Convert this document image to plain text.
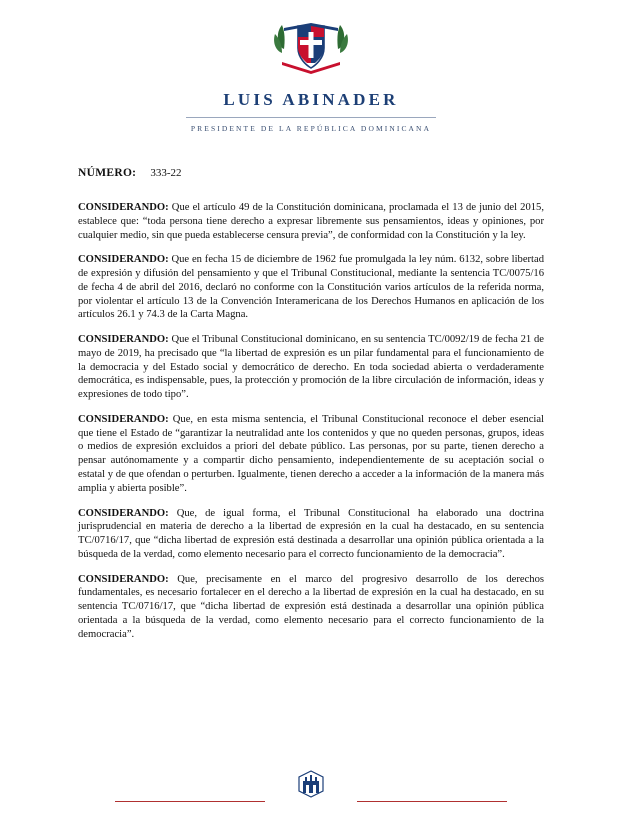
LUIS ABINADER
PRESIDENTE DE LA REPÚBLICA DOMINICANA
NÚMERO: 333-22

CONSIDERANDO: Que el artículo 49 de la Constitución dominicana, proclamada el 13 de junio del 2015, establece que: “toda persona tiene derecho a expresar libremente sus pensamientos, ideas y opiniones, por cualquier medio, sin que pueda establecerse censura previa”, de conformidad con la Constitución y la ley.

CONSIDERANDO: Que en fecha 15 de diciembre de 1962 fue promulgada la ley núm. 6132, sobre libertad de expresión y difusión del pensamiento y que el Tribunal Constitucional, mediante la sentencia TC/0075/16 de fecha 4 de abril del 2016, declaró no conforme con la Constitución varios artículos de la referida norma, por violentar el artículo 13 de la Convención Interamericana de los Derechos Humanos en aplicación de los artículos 26.1 y 74.3 de la Carta Magna.

CONSIDERANDO: Que el Tribunal Constitucional dominicano, en su sentencia TC/0092/19 de fecha 21 de mayo de 2019, ha precisado que “la libertad de expresión es un pilar fundamental para el funcionamiento de la democracia y del Estado social y democrático de derecho. En toda sociedad abierta o verdaderamente democrática, es indispensable, pues, la protección y promoción de la libre circulación de información, ideas y expresiones de todo tipo”.

CONSIDERANDO: Que, en esta misma sentencia, el Tribunal Constitucional reconoce el deber esencial que tiene el Estado de “garantizar la neutralidad ante los contenidos y que no queden personas, grupos, ideas o medios de expresión excluidos a priori del debate público. Las personas, por su parte, tienen derecho a pensar autónomamente y a compartir dicho pensamiento, independientemente de su aceptación social o estatal y de que ofendan o perturben. Igualmente, tienen derecho a acceder a la información de la manera más amplia y abierta posible”.

CONSIDERANDO: Que, de igual forma, el Tribunal Constitucional ha elaborado una doctrina jurisprudencial en materia de derecho a la libertad de expresión en la cual ha destacado, en su sentencia TC/0716/17, que “dicha libertad de expresión está destinada a desarrollar una opinión pública orientada a la búsqueda de la verdad, como elemento necesario para el correcto funcionamiento de la democracia”.

CONSIDERANDO: Que, precisamente en el marco del progresivo desarrollo de los derechos fundamentales, es necesario fortalecer en el derecho a la libertad de expresión en la cual ha destacado, en su sentencia TC/0716/17, que “dicha libertad de expresión está destinada a desarrollar una opinión pública orientada a la búsqueda de la verdad, como elemento necesario para el correcto funcionamiento de la democracia”.
